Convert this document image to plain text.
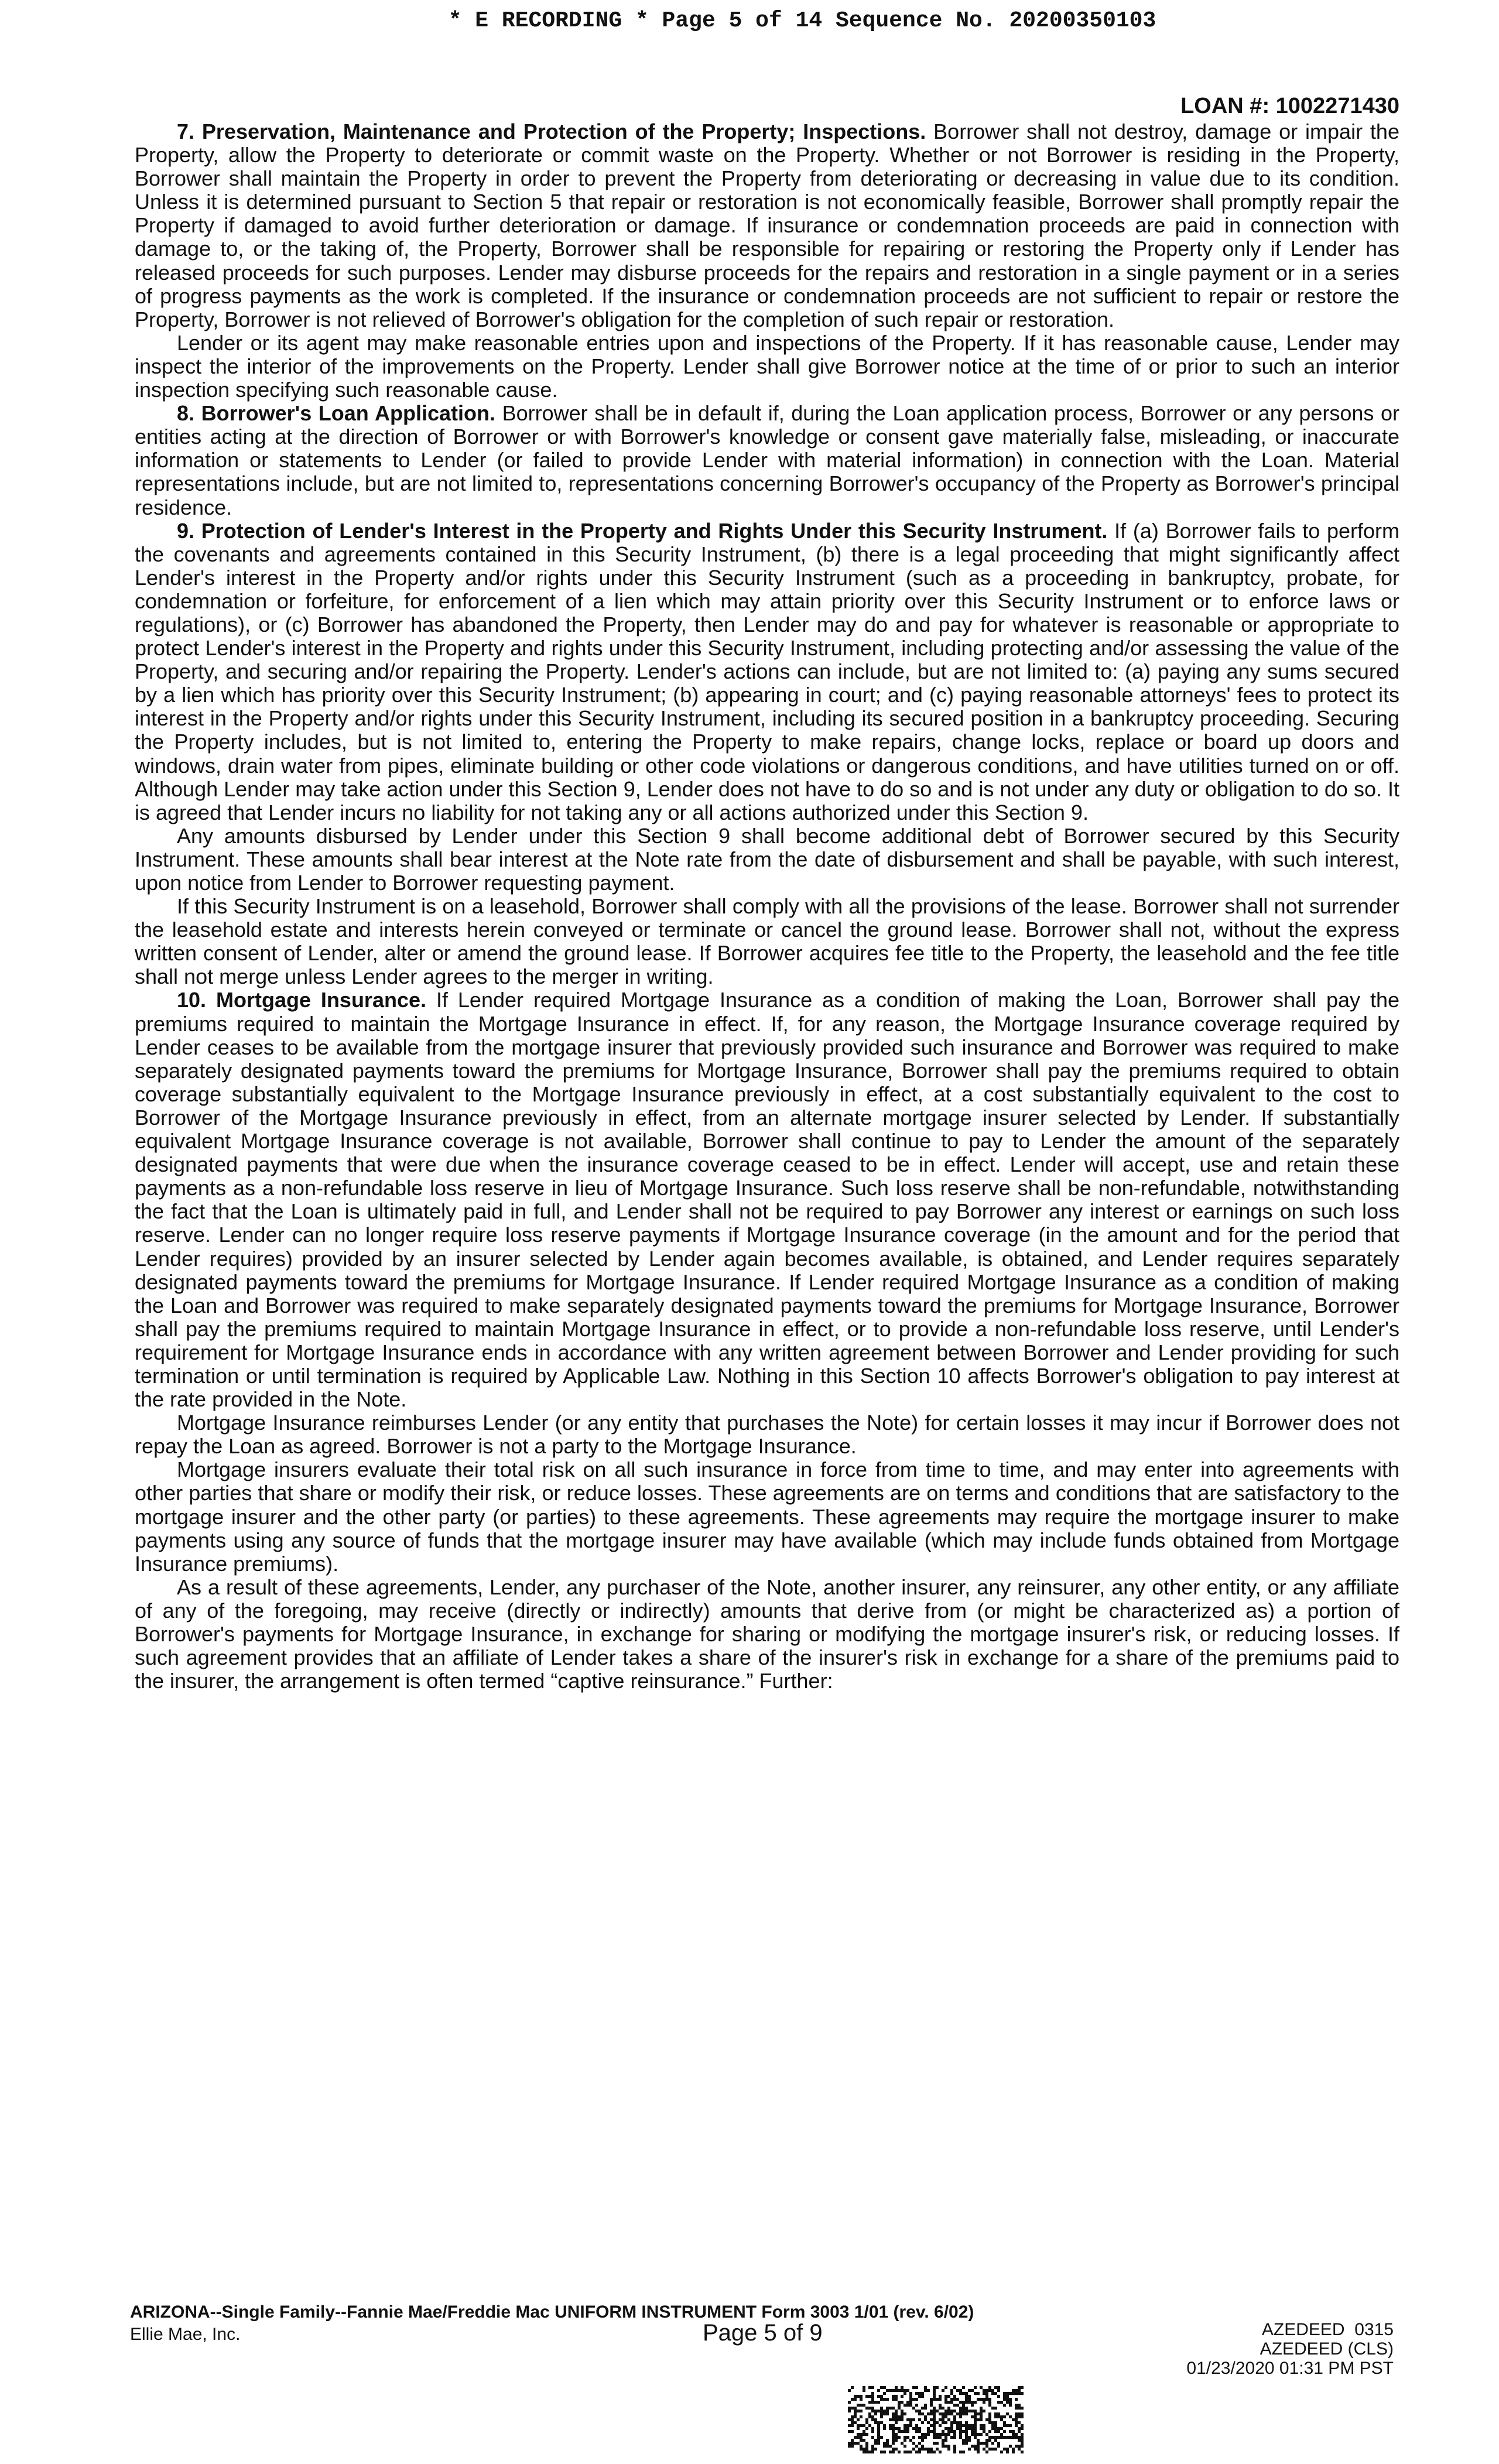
* E RECORDING * Page 5 of 14 Sequence No. 20200350103
LOAN #: 1002271430

7. Preservation, Maintenance and Protection of the Property; Inspections. Borrower shall not destroy, damage or impair the Property, allow the Property to deteriorate or commit waste on the Property. Whether or not Borrower is residing in the Property, Borrower shall maintain the Property in order to prevent the Property from deteriorating or decreasing in value due to its condition. Unless it is determined pursuant to Section 5 that repair or restoration is not economically feasible, Borrower shall promptly repair the Property if damaged to avoid further deterioration or damage. If insurance or condemnation proceeds are paid in connection with damage to, or the taking of, the Property, Borrower shall be responsible for repairing or restoring the Property only if Lender has released proceeds for such purposes. Lender may disburse proceeds for the repairs and restoration in a single payment or in a series of progress payments as the work is completed. If the insurance or condemnation proceeds are not sufficient to repair or restore the Property, Borrower is not relieved of Borrower's obligation for the completion of such repair or restoration.

Lender or its agent may make reasonable entries upon and inspections of the Property. If it has reasonable cause, Lender may inspect the interior of the improvements on the Property. Lender shall give Borrower notice at the time of or prior to such an interior inspection specifying such reasonable cause.

8. Borrower's Loan Application. Borrower shall be in default if, during the Loan application process, Borrower or any persons or entities acting at the direction of Borrower or with Borrower's knowledge or consent gave materially false, misleading, or inaccurate information or statements to Lender (or failed to provide Lender with material information) in connection with the Loan. Material representations include, but are not limited to, representations concerning Borrower's occupancy of the Property as Borrower's principal residence.

9. Protection of Lender's Interest in the Property and Rights Under this Security Instrument. If (a) Borrower fails to perform the covenants and agreements contained in this Security Instrument, (b) there is a legal proceeding that might significantly affect Lender's interest in the Property and/or rights under this Security Instrument (such as a proceeding in bankruptcy, probate, for condemnation or forfeiture, for enforcement of a lien which may attain priority over this Security Instrument or to enforce laws or regulations), or (c) Borrower has abandoned the Property, then Lender may do and pay for whatever is reasonable or appropriate to protect Lender's interest in the Property and rights under this Security Instrument, including protecting and/or assessing the value of the Property, and securing and/or repairing the Property. Lender's actions can include, but are not limited to: (a) paying any sums secured by a lien which has priority over this Security Instrument; (b) appearing in court; and (c) paying reasonable attorneys' fees to protect its interest in the Property and/or rights under this Security Instrument, including its secured position in a bankruptcy proceeding. Securing the Property includes, but is not limited to, entering the Property to make repairs, change locks, replace or board up doors and windows, drain water from pipes, eliminate building or other code violations or dangerous conditions, and have utilities turned on or off. Although Lender may take action under this Section 9, Lender does not have to do so and is not under any duty or obligation to do so. It is agreed that Lender incurs no liability for not taking any or all actions authorized under this Section 9.

Any amounts disbursed by Lender under this Section 9 shall become additional debt of Borrower secured by this Security Instrument. These amounts shall bear interest at the Note rate from the date of disbursement and shall be payable, with such interest, upon notice from Lender to Borrower requesting payment.

If this Security Instrument is on a leasehold, Borrower shall comply with all the provisions of the lease. Borrower shall not surrender the leasehold estate and interests herein conveyed or terminate or cancel the ground lease. Borrower shall not, without the express written consent of Lender, alter or amend the ground lease. If Borrower acquires fee title to the Property, the leasehold and the fee title shall not merge unless Lender agrees to the merger in writing.

10. Mortgage Insurance. If Lender required Mortgage Insurance as a condition of making the Loan, Borrower shall pay the premiums required to maintain the Mortgage Insurance in effect. If, for any reason, the Mortgage Insurance coverage required by Lender ceases to be available from the mortgage insurer that previously provided such insurance and Borrower was required to make separately designated payments toward the premiums for Mortgage Insurance, Borrower shall pay the premiums required to obtain coverage substantially equivalent to the Mortgage Insurance previously in effect, at a cost substantially equivalent to the cost to Borrower of the Mortgage Insurance previously in effect, from an alternate mortgage insurer selected by Lender. If substantially equivalent Mortgage Insurance coverage is not available, Borrower shall continue to pay to Lender the amount of the separately designated payments that were due when the insurance coverage ceased to be in effect. Lender will accept, use and retain these payments as a non-refundable loss reserve in lieu of Mortgage Insurance. Such loss reserve shall be non-refundable, notwithstanding the fact that the Loan is ultimately paid in full, and Lender shall not be required to pay Borrower any interest or earnings on such loss reserve. Lender can no longer require loss reserve payments if Mortgage Insurance coverage (in the amount and for the period that Lender requires) provided by an insurer selected by Lender again becomes available, is obtained, and Lender requires separately designated payments toward the premiums for Mortgage Insurance. If Lender required Mortgage Insurance as a condition of making the Loan and Borrower was required to make separately designated payments toward the premiums for Mortgage Insurance, Borrower shall pay the premiums required to maintain Mortgage Insurance in effect, or to provide a non-refundable loss reserve, until Lender's requirement for Mortgage Insurance ends in accordance with any written agreement between Borrower and Lender providing for such termination or until termination is required by Applicable Law. Nothing in this Section 10 affects Borrower's obligation to pay interest at the rate provided in the Note.

Mortgage Insurance reimburses Lender (or any entity that purchases the Note) for certain losses it may incur if Borrower does not repay the Loan as agreed. Borrower is not a party to the Mortgage Insurance.

Mortgage insurers evaluate their total risk on all such insurance in force from time to time, and may enter into agreements with other parties that share or modify their risk, or reduce losses. These agreements are on terms and conditions that are satisfactory to the mortgage insurer and the other party (or parties) to these agreements. These agreements may require the mortgage insurer to make payments using any source of funds that the mortgage insurer may have available (which may include funds obtained from Mortgage Insurance premiums).

As a result of these agreements, Lender, any purchaser of the Note, another insurer, any reinsurer, any other entity, or any affiliate of any of the foregoing, may receive (directly or indirectly) amounts that derive from (or might be characterized as) a portion of Borrower's payments for Mortgage Insurance, in exchange for sharing or modifying the mortgage insurer's risk, or reducing losses. If such agreement provides that an affiliate of Lender takes a share of the insurer's risk in exchange for a share of the premiums paid to the insurer, the arrangement is often termed “captive reinsurance.” Further:

ARIZONA--Single Family--Fannie Mae/Freddie Mac UNIFORM INSTRUMENT Form 3003 1/01 (rev. 6/02)
Ellie Mae, Inc.	Page 5 of 9	AZEDEED  0315
AZEDEED (CLS)
01/23/2020 01:31 PM PST
